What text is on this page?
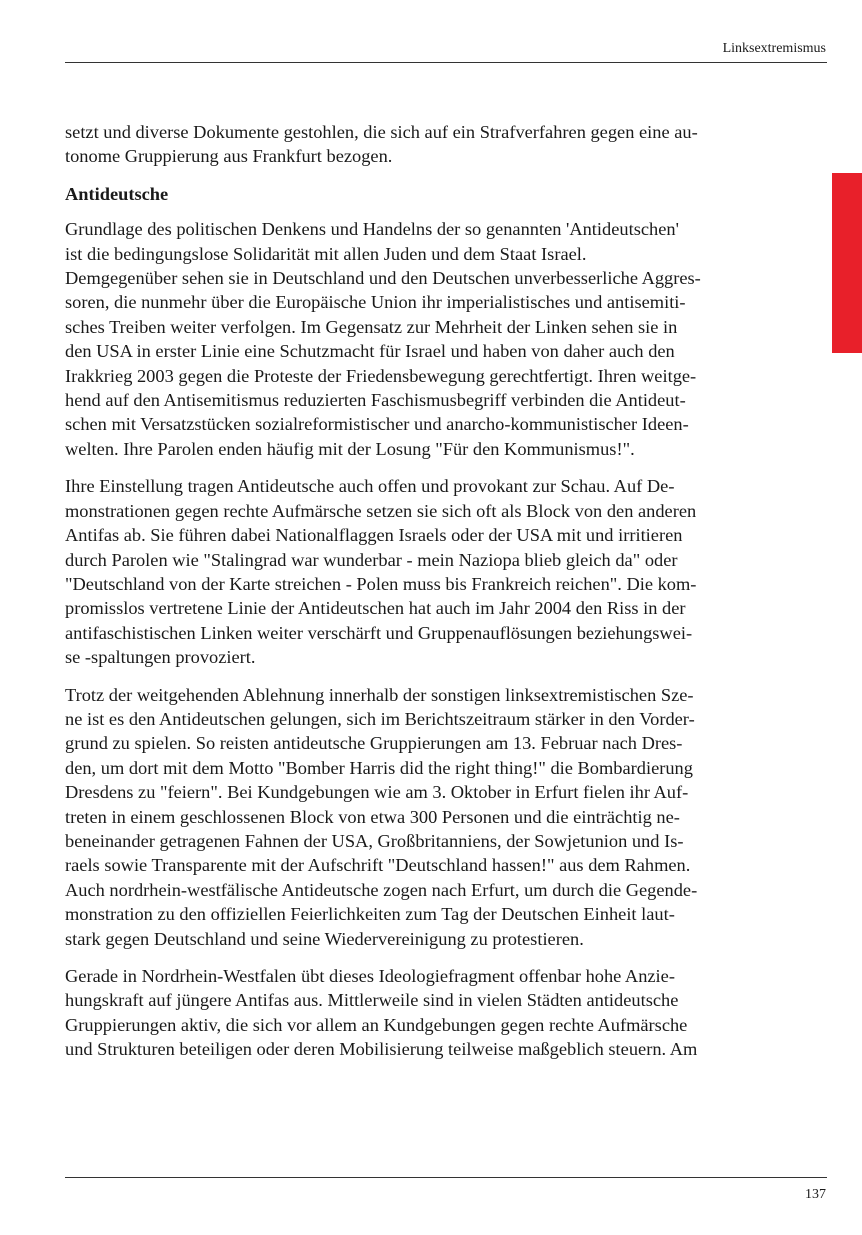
Linksextremismus

setzt und diverse Dokumente gestohlen, die sich auf ein Strafverfahren gegen eine au-
tonome Gruppierung aus Frankfurt bezogen.

Antideutsche

Grundlage des politischen Denkens und Handelns der so genannten 'Antideutschen'
ist die bedingungslose Solidarität mit allen Juden und dem Staat Israel.
Demgegenüber sehen sie in Deutschland und den Deutschen unverbesserliche Aggres-
soren, die nunmehr über die Europäische Union ihr imperialistisches und antisemiti-
sches Treiben weiter verfolgen. Im Gegensatz zur Mehrheit der Linken sehen sie in
den USA in erster Linie eine Schutzmacht für Israel und haben von daher auch den
Irakkrieg 2003 gegen die Proteste der Friedensbewegung gerechtfertigt. Ihren weitge-
hend auf den Antisemitismus reduzierten Faschismusbegriff verbinden die Antideut-
schen mit Versatzstücken sozialreformistischer und anarcho-kommunistischer Ideen-
welten. Ihre Parolen enden häufig mit der Losung "Für den Kommunismus!".

Ihre Einstellung tragen Antideutsche auch offen und provokant zur Schau. Auf De-
monstrationen gegen rechte Aufmärsche setzen sie sich oft als Block von den anderen
Antifas ab. Sie führen dabei Nationalflaggen Israels oder der USA mit und irritieren
durch Parolen wie "Stalingrad war wunderbar - mein Naziopa blieb gleich da" oder
"Deutschland von der Karte streichen - Polen muss bis Frankreich reichen". Die kom-
promisslos vertretene Linie der Antideutschen hat auch im Jahr 2004 den Riss in der
antifaschistischen Linken weiter verschärft und Gruppenauflösungen beziehungswei-
se -spaltungen provoziert.

Trotz der weitgehenden Ablehnung innerhalb der sonstigen linksextremistischen Sze-
ne ist es den Antideutschen gelungen, sich im Berichtszeitraum stärker in den Vorder-
grund zu spielen. So reisten antideutsche Gruppierungen am 13. Februar nach Dres-
den, um dort mit dem Motto "Bomber Harris did the right thing!" die Bombardierung
Dresdens zu "feiern". Bei Kundgebungen wie am 3. Oktober in Erfurt fielen ihr Auf-
treten in einem geschlossenen Block von etwa 300 Personen und die einträchtig ne-
beneinander getragenen Fahnen der USA, Großbritanniens, der Sowjetunion und Is-
raels sowie Transparente mit der Aufschrift "Deutschland hassen!" aus dem Rahmen.
Auch nordrhein-westfälische Antideutsche zogen nach Erfurt, um durch die Gegende-
monstration zu den offiziellen Feierlichkeiten zum Tag der Deutschen Einheit laut-
stark gegen Deutschland und seine Wiedervereinigung zu protestieren.

Gerade in Nordrhein-Westfalen übt dieses Ideologiefragment offenbar hohe Anzie-
hungskraft auf jüngere Antifas aus. Mittlerweile sind in vielen Städten antideutsche
Gruppierungen aktiv, die sich vor allem an Kundgebungen gegen rechte Aufmärsche
und Strukturen beteiligen oder deren Mobilisierung teilweise maßgeblich steuern. Am

137
